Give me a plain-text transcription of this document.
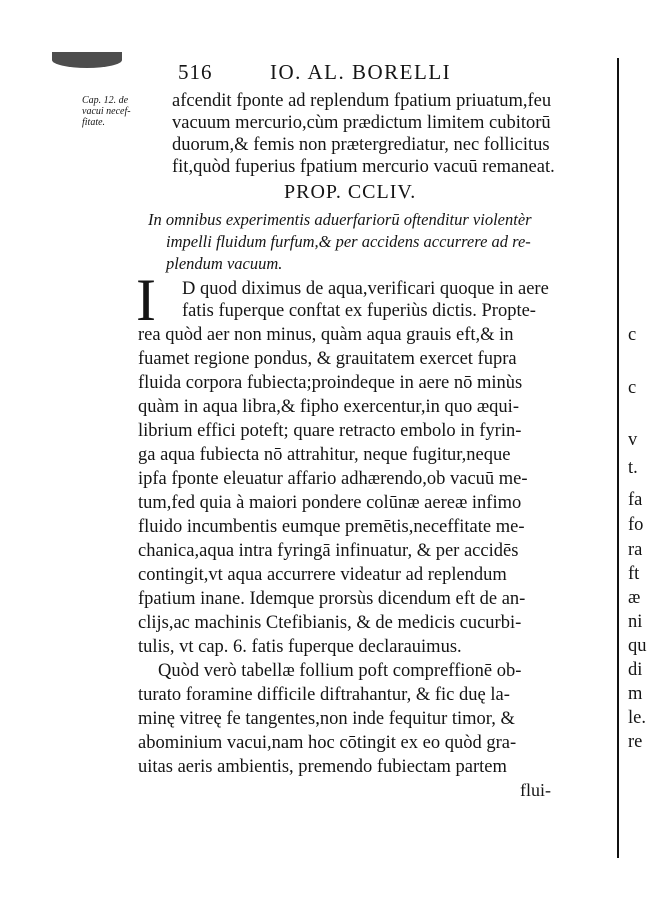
516	IO. AL. BORELLI
Cap. 12. de
vacui necef-
fitate.
afcendit fponte ad replendum fpatium priuatum,feu
vacuum mercurio,cùm prædictum limitem cubitorū
duorum,& femis non prætergrediatur, nec follicitus
fit,quòd fuperius fpatium mercurio vacuū remaneat.
In omnibus experimentis aduerfariorū oftenditur violentèr
impelli fluidum furfum,& per accidens accurrere ad re-
plendum vacuum.
D quod diximus de aqua,verificari quoque in aere
fatis fuperque conftat ex fuperiùs dictis. Propte-
rea quòd aer non minus, quàm aqua grauis eft,& in
fuamet regione pondus, & grauitatem exercet fupra
fluida corpora fubiecta;proindeque in aere nō minùs
quàm in aqua libra,& fipho exercentur,in quo æqui-
librium effici poteft; quare retracto embolo in fyrin-
ga aqua fubiecta nō attrahitur, neque fugitur,neque
ipfa fponte eleuatur affario adhærendo,ob vacuū me-
tum,fed quia à maiori pondere colūnæ aereæ infimo
fluido incumbentis eumque premētis,neceffitate me-
chanica,aqua intra fyringā infinuatur, & per accidēs
contingit,vt aqua accurrere videatur ad replendum
fpatium inane. Idemque prorsùs dicendum eft de an-
clijs,ac machinis Ctefibianis, & de medicis cucurbi-
tulis, vt cap. 6. fatis fuperque declarauimus.
Quòd verò tabellæ follium poft compreffionē ob-
turato foramine difficile diftrahantur, & fic duę la-
minę vitreę fe tangentes,non inde fequitur timor, &
abominium vacui,nam hoc cōtingit ex eo quòd gra-
uitas aeris ambientis, premendo fubiectam partem
PROP. CCLIV.
I
flui-
c
c
v
t.
fa
fo
ra
ft
æ
ni
qu
di
m
le.
re
